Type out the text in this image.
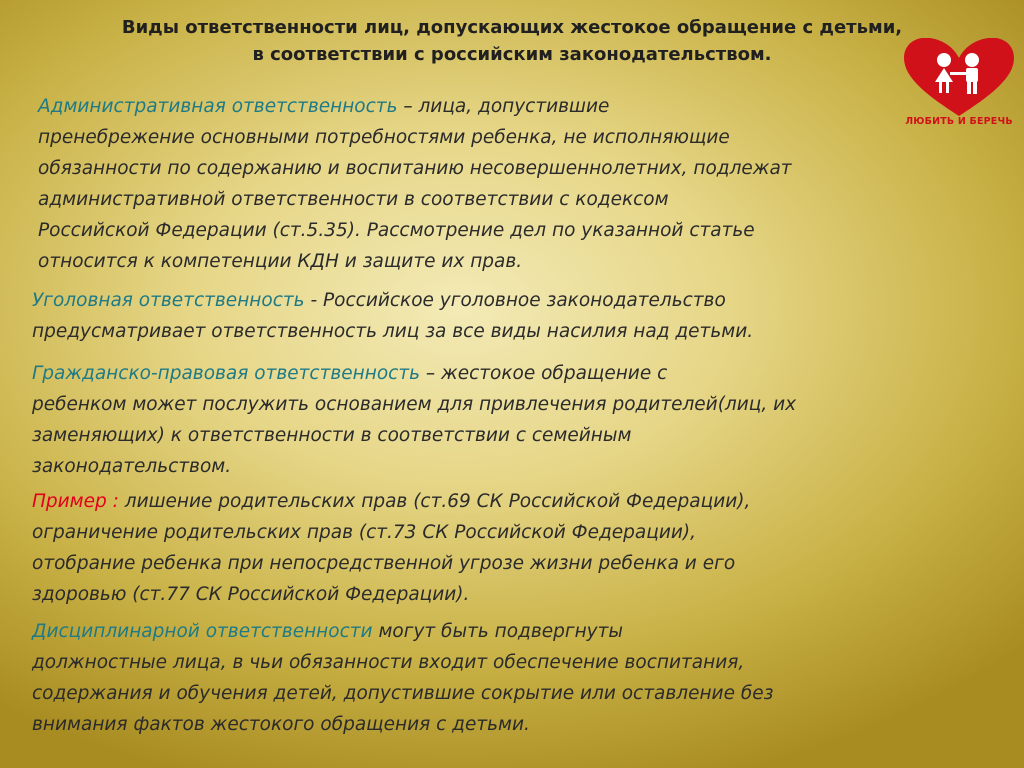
Виды ответственности лиц, допускающих жестокое обращение с детьми,
в соответствии с российским законодательством.
ЛЮБИТЬ И БЕРЕЧЬ

Административная ответственность – лица, допустившие

пренебрежение основными потребностями ребенка, не исполняющие

обязанности по содержанию и воспитанию несовершеннолетних, подлежат

административной ответственности в соответствии с кодексом

Российской Федерации (ст.5.35). Рассмотрение дел по указанной статье

относится к компетенции КДН и защите их прав.

Уголовная ответственность - Российское уголовное законодательство

предусматривает ответственность лиц за все виды насилия над детьми.

Гражданско-правовая ответственность – жестокое обращение с

ребенком может послужить основанием для привлечения родителей(лиц, их

заменяющих) к ответственности в соответствии с семейным

законодательством.

Пример : лишение родительских прав (ст.69 СК Российской Федерации),

ограничение родительских прав (ст.73 СК Российской Федерации),

отобрание ребенка при непосредственной угрозе жизни ребенка и его

здоровью (ст.77 СК Российской Федерации).

Дисциплинарной ответственности могут быть подвергнуты

должностные лица, в чьи обязанности входит обеспечение воспитания,

содержания и обучения детей, допустившие сокрытие или оставление без

внимания фактов жестокого обращения с детьми.
